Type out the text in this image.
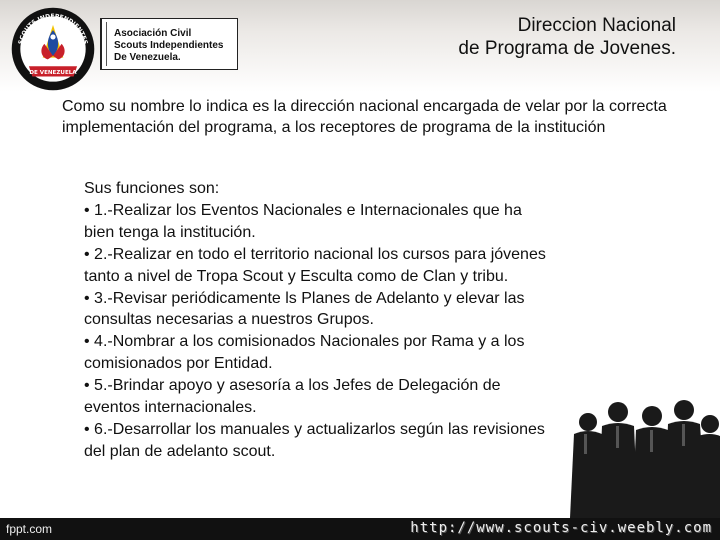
SCOUTS INDEPENDIENTES
DE VENEZUELA
Asociación Civil
Scouts Independientes
De Venezuela.
Direccion Nacional
de Programa de Jovenes.
Como su nombre lo indica es la dirección nacional encargada de velar por la correcta implementación del programa, a los receptores de programa de la institución
Sus funciones son:
• 1.-Realizar los Eventos Nacionales e Internacionales que ha bien tenga la institución.
• 2.-Realizar en todo el territorio nacional los cursos para jóvenes tanto a nivel de Tropa Scout y Esculta como de Clan y tribu.
• 3.-Revisar periódicamente ls Planes de Adelanto y elevar las consultas necesarias a nuestros Grupos.
• 4.-Nombrar a los comisionados Nacionales por Rama y a los comisionados por Entidad.
• 5.-Brindar apoyo y asesoría a los Jefes de Delegación de eventos internacionales.
• 6.-Desarrollar los manuales y actualizarlos según las revisiones del plan de adelanto scout.
fppt.com	http://www.scouts-civ.weebly.com
